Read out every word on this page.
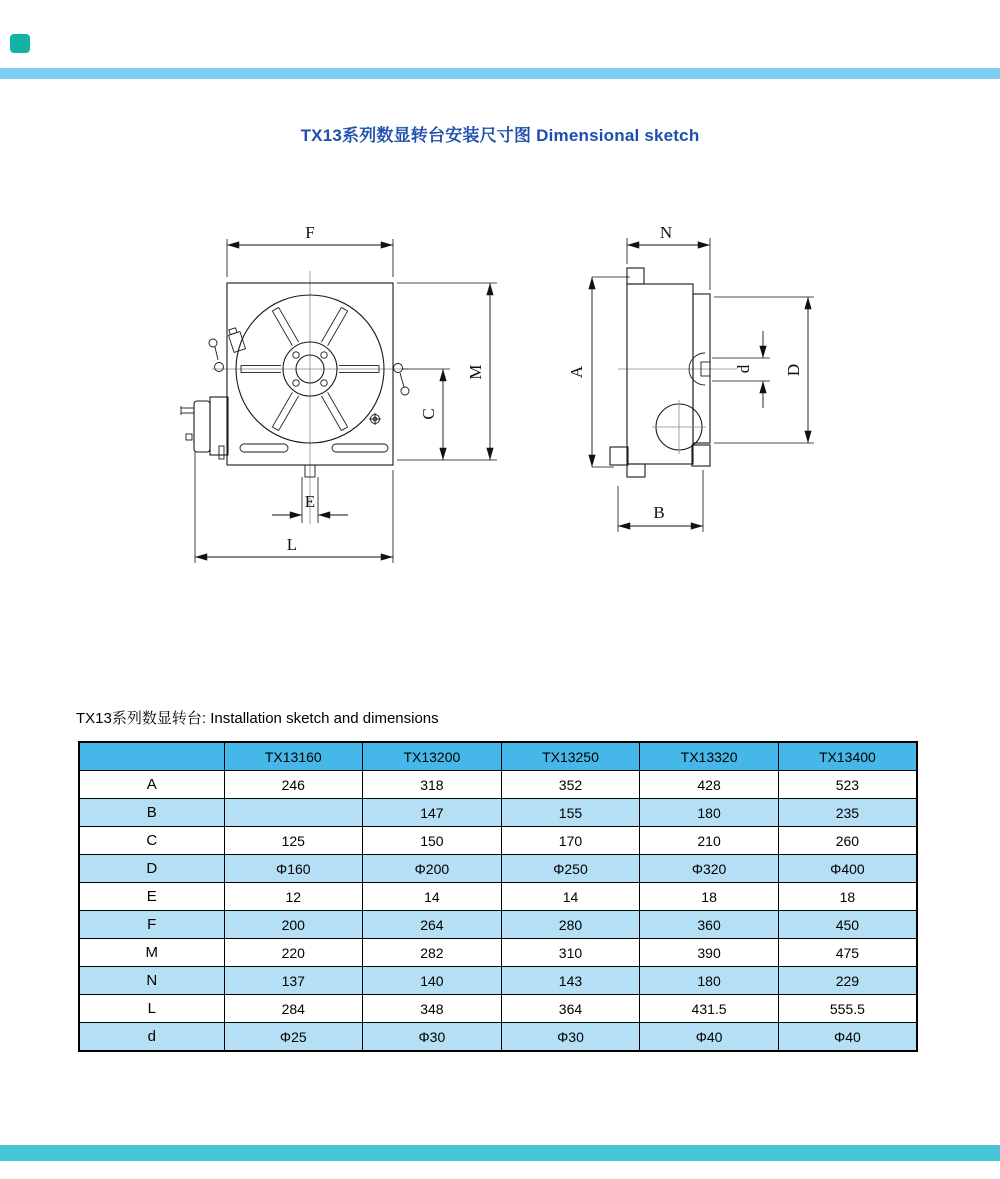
TX13系列数显转台安装尺寸图 Dimensional sketch
F
M
C
E
L
N
A	d D
B
TX13系列数显转台: Installation sketch and dimensions
	TX13160	TX13200	TX13250	TX13320	TX13400
A	246	318	352	428	523
B		147	155	180	235
C	125	150	170	210	260
D	Φ160	Φ200	Φ250	Φ320	Φ400
E	12	14	14	18	18
F	200	264	280	360	450
M	220	282	310	390	475
N	137	140	143	180	229
L	284	348	364	431.5	555.5
d	Φ25	Φ30	Φ30	Φ40	Φ40
